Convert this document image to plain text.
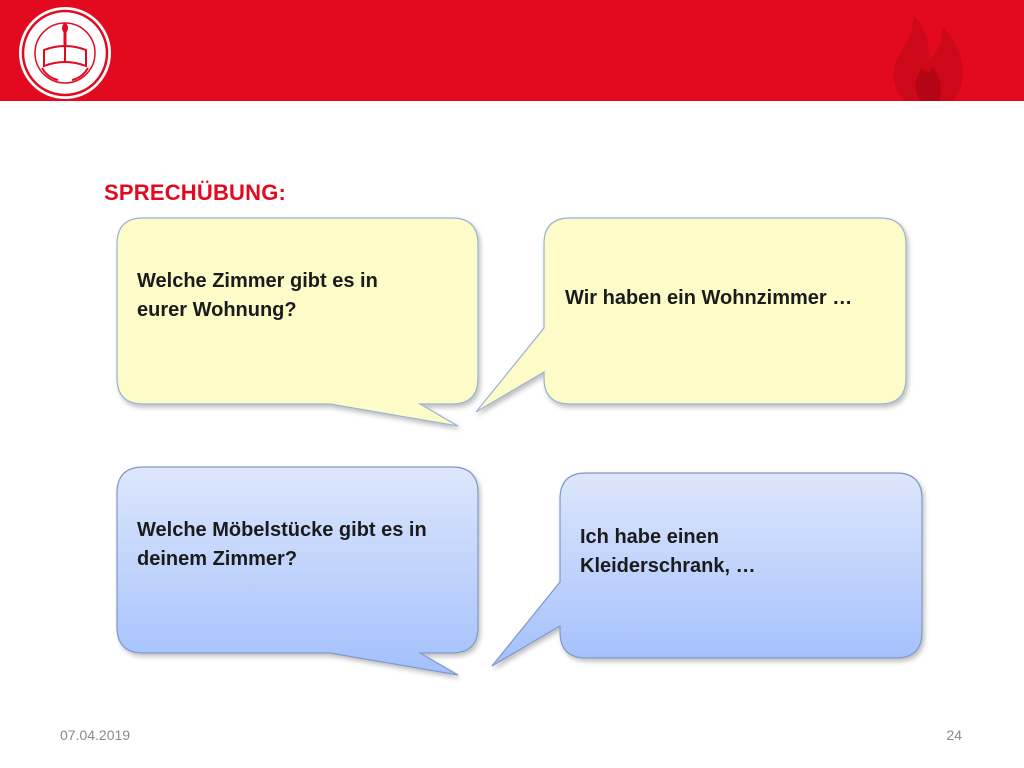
SPRECHÜBUNG:
Welche Zimmer gibt es in
eurer Wohnung?
Wir haben ein Wohnzimmer …
Welche Möbelstücke gibt es in
deinem Zimmer?
Ich habe einen
Kleiderschrank, …
07.04.2019	24
